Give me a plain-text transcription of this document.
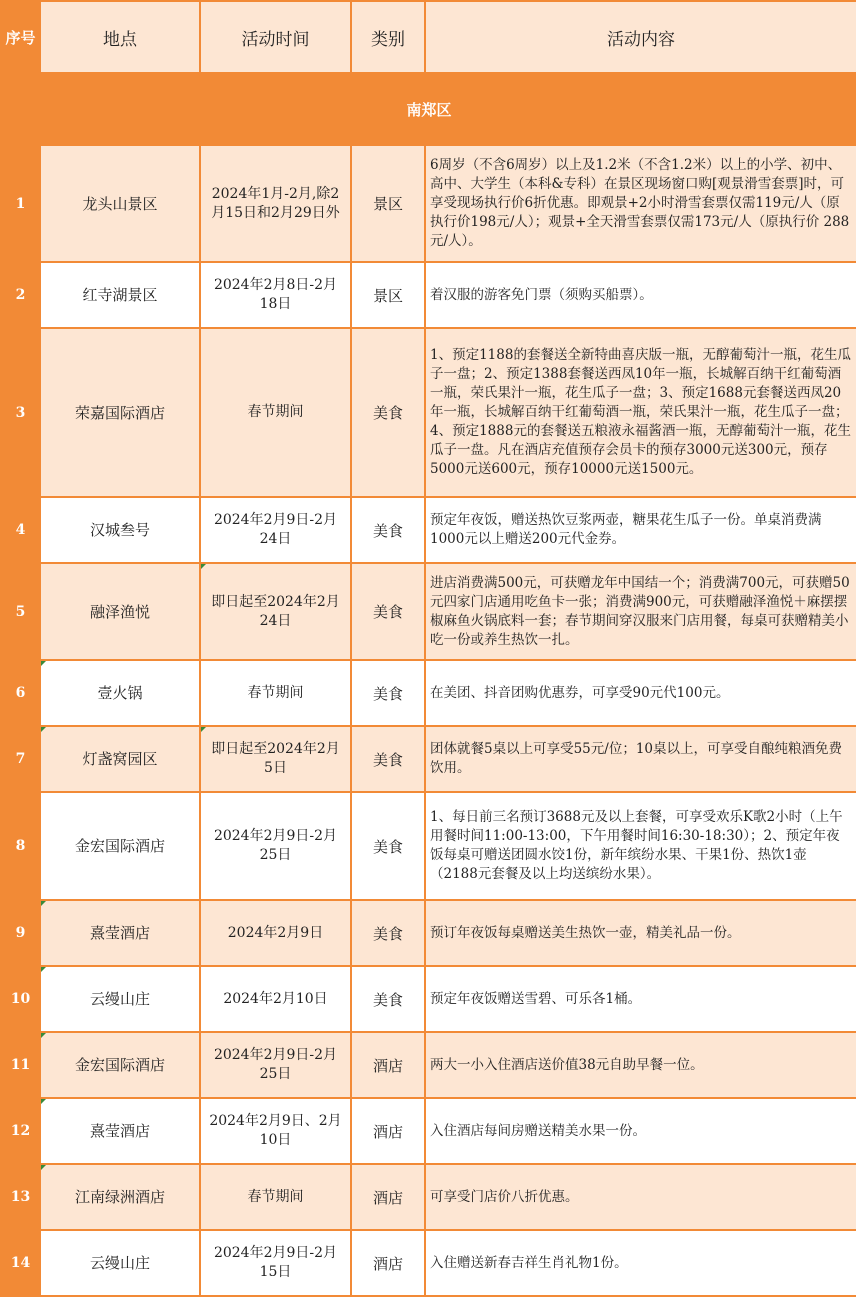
序号	地点	活动时间	类别	活动内容
南郑区				
1	龙头山景区	2024年1月-2月,除2月15日和2月29日外	景区	6周岁（不含6周岁）以上及1.2米（不含1.2米）以上的小学、初中、高中、大学生（本科&专科）在景区现场窗口购[观景滑雪套票]时，可享受现场执行价6折优惠。即观景+2小时滑雪套票仅需119元/人（原执行价198元/人）；观景+全天滑雪套票仅需173元/人（原执行价 288 元/人）。
2	红寺湖景区	2024年2月8日-2月18日	景区	着汉服的游客免门票（须购买船票）。
3	荣嘉国际酒店	春节期间	美食	1、预定1188的套餐送全新特曲喜庆版一瓶，无醇葡萄汁一瓶，花生瓜子一盘；2、预定1388套餐送西凤10年一瓶，长城解百纳干红葡萄酒一瓶，荣氏果汁一瓶，花生瓜子一盘；3、预定1688元套餐送西凤20年一瓶，长城解百纳干红葡萄酒一瓶，荣氏果汁一瓶，花生瓜子一盘；4、预定1888元的套餐送五粮液永福酱酒一瓶，无醇葡萄汁一瓶，花生瓜子一盘。凡在酒店充值预存会员卡的预存3000元送300元，预存5000元送600元，预存10000元送1500元。
4	汉城叁号	2024年2月9日-2月24日	美食	预定年夜饭，赠送热饮豆浆两壶，糖果花生瓜子一份。单桌消费满1000元以上赠送200元代金券。
5	融泽渔悦	即日起至2024年2月24日	美食	进店消费满500元，可获赠龙年中国结一个；消费满700元，可获赠50元四家门店通用吃鱼卡一张；消费满900元，可获赠融泽渔悦＋麻摆摆椒麻鱼火锅底料一套；春节期间穿汉服来门店用餐，每桌可获赠精美小吃一份或养生热饮一扎。
6	壹火锅	春节期间	美食	在美团、抖音团购优惠券，可享受90元代100元。
7	灯盏窝园区	即日起至2024年2月5日	美食	团体就餐5桌以上可享受55元/位；10桌以上，可享受自酿纯粮酒免费饮用。
8	金宏国际酒店	2024年2月9日-2月25日	美食	1、每日前三名预订3688元及以上套餐，可享受欢乐K歌2小时（上午用餐时间11:00-13:00，下午用餐时间16:30-18:30）；2、预定年夜饭每桌可赠送团圆水饺1份，新年缤纷水果、干果1份、热饮1壶（2188元套餐及以上均送缤纷水果）。
9	熹莹酒店	2024年2月9日	美食	预订年夜饭每桌赠送美生热饮一壶，精美礼品一份。
10	云缦山庄	2024年2月10日	美食	预定年夜饭赠送雪碧、可乐各1桶。
11	金宏国际酒店	2024年2月9日-2月25日	酒店	两大一小入住酒店送价值38元自助早餐一位。
12	熹莹酒店	2024年2月9日、2月10日	酒店	入住酒店每间房赠送精美水果一份。
13	江南绿洲酒店	春节期间	酒店	可享受门店价八折优惠。
14	云缦山庄	2024年2月9日-2月15日	酒店	入住赠送新春吉祥生肖礼物1份。
